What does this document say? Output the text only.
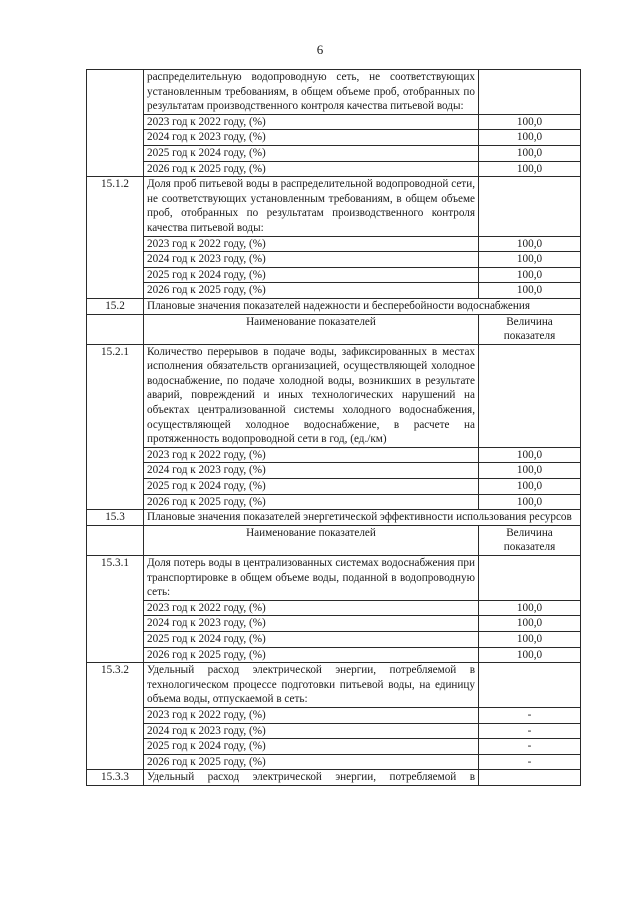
6
	распределительную водопроводную сеть, не соответствующих установленным требованиям, в общем объеме проб, отобранных по результатам производственного контроля качества питьевой воды:	
	2023 год к 2022 году, (%)	100,0
	2024 год к 2023 году, (%)	100,0
	2025 год к 2024 году, (%)	100,0
	2026 год к 2025 году, (%)	100,0
15.1.2	Доля проб питьевой воды в распределительной водопроводной сети, не соответствующих установленным требованиям, в общем объеме проб, отобранных по результатам производственного контроля качества питьевой воды:	
	2023 год к 2022 году, (%)	100,0
	2024 год к 2023 году, (%)	100,0
	2025 год к 2024 году, (%)	100,0
	2026 год к 2025 году, (%)	100,0
15.2	Плановые значения показателей надежности и бесперебойности водоснабжения	
	Наименование показателей	Величина
показателя
15.2.1	Количество перерывов в подаче воды, зафиксированных в местах исполнения обязательств организацией, осуществляющей холодное водоснабжение, по подаче холодной воды, возникших в результате аварий, повреждений и иных технологических нарушений на объектах централизованной системы холодного водоснабжения, осуществляющей холодное водоснабжение, в расчете на протяженность водопроводной сети в год, (ед./км)	
	2023 год к 2022 году, (%)	100,0
	2024 год к 2023 году, (%)	100,0
	2025 год к 2024 году, (%)	100,0
	2026 год к 2025 году, (%)	100,0
15.3	Плановые значения показателей энергетической эффективности использования ресурсов	
	Наименование показателей	Величина
показателя
15.3.1	Доля потерь воды в централизованных системах водоснабжения при транспортировке в общем объеме воды, поданной в водопроводную сеть:	
	2023 год к 2022 году, (%)	100,0
	2024 год к 2023 году, (%)	100,0
	2025 год к 2024 году, (%)	100,0
	2026 год к 2025 году, (%)	100,0
15.3.2	Удельный расход электрической энергии, потребляемой в технологическом процессе подготовки питьевой воды, на единицу объема воды, отпускаемой в сеть:	
	2023 год к 2022 году, (%)	-
	2024 год к 2023 году, (%)	-
	2025 год к 2024 году, (%)	-
	2026 год к 2025 году, (%)	-
15.3.3	Удельный расход электрической энергии, потребляемой в	
